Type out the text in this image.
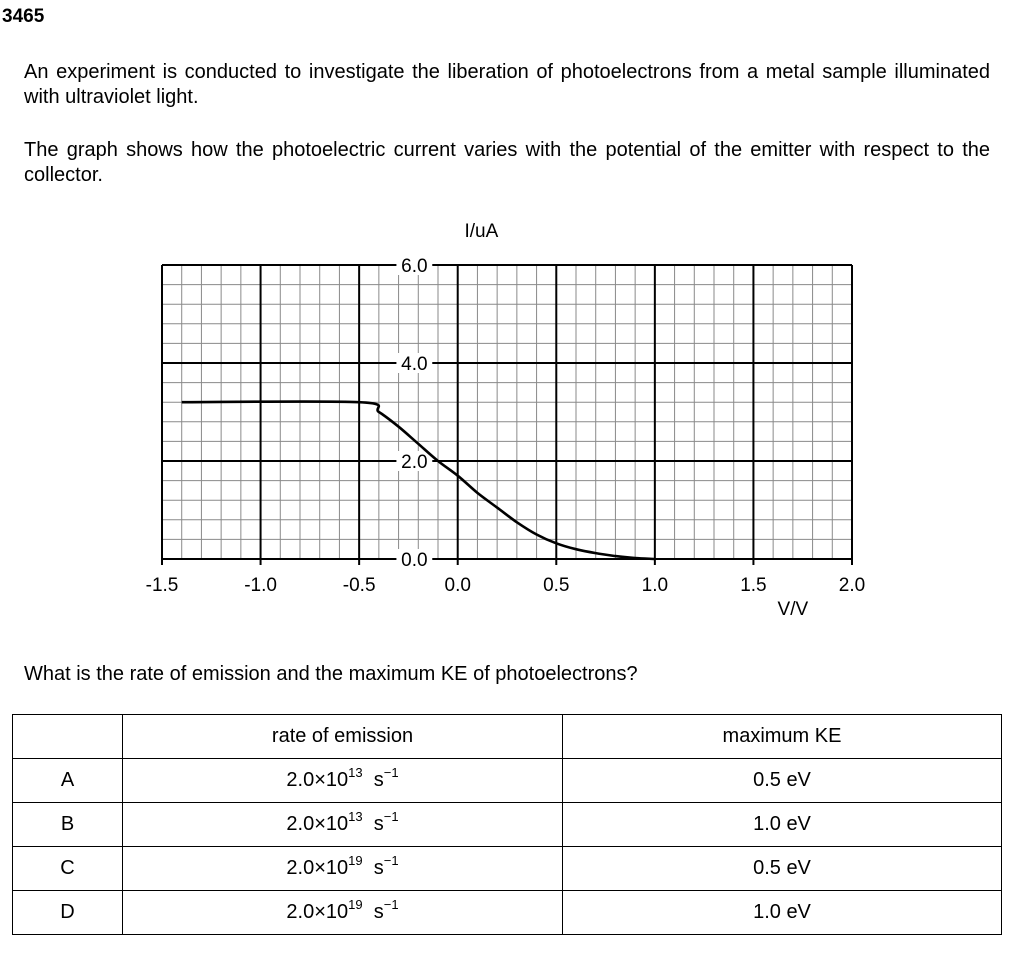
3465

An experiment is conducted to investigate the liberation of photoelectrons from a metal sample illuminated with ultraviolet light.

The graph shows how the photoelectric current varies with the potential of the emitter with respect to the collector.

-1.5	-1.0	-0.5	0.0	0.5	1.0	1.5	2.0
0.0
2.0
4.0
6.0
I/uA
V/V

What is the rate of emission and the maximum KE of photoelectrons?

	rate of emission	maximum KE
A	$2.0\times 10^{13}$ $s^{-1}$	0.5 eV
B	$2.0\times 10^{13}$ $s^{-1}$	1.0 eV
C	$2.0\times 10^{19}$ $s^{-1}$	0.5 eV
D	$2.0\times 10^{19}$ $s^{-1}$	1.0 eV
